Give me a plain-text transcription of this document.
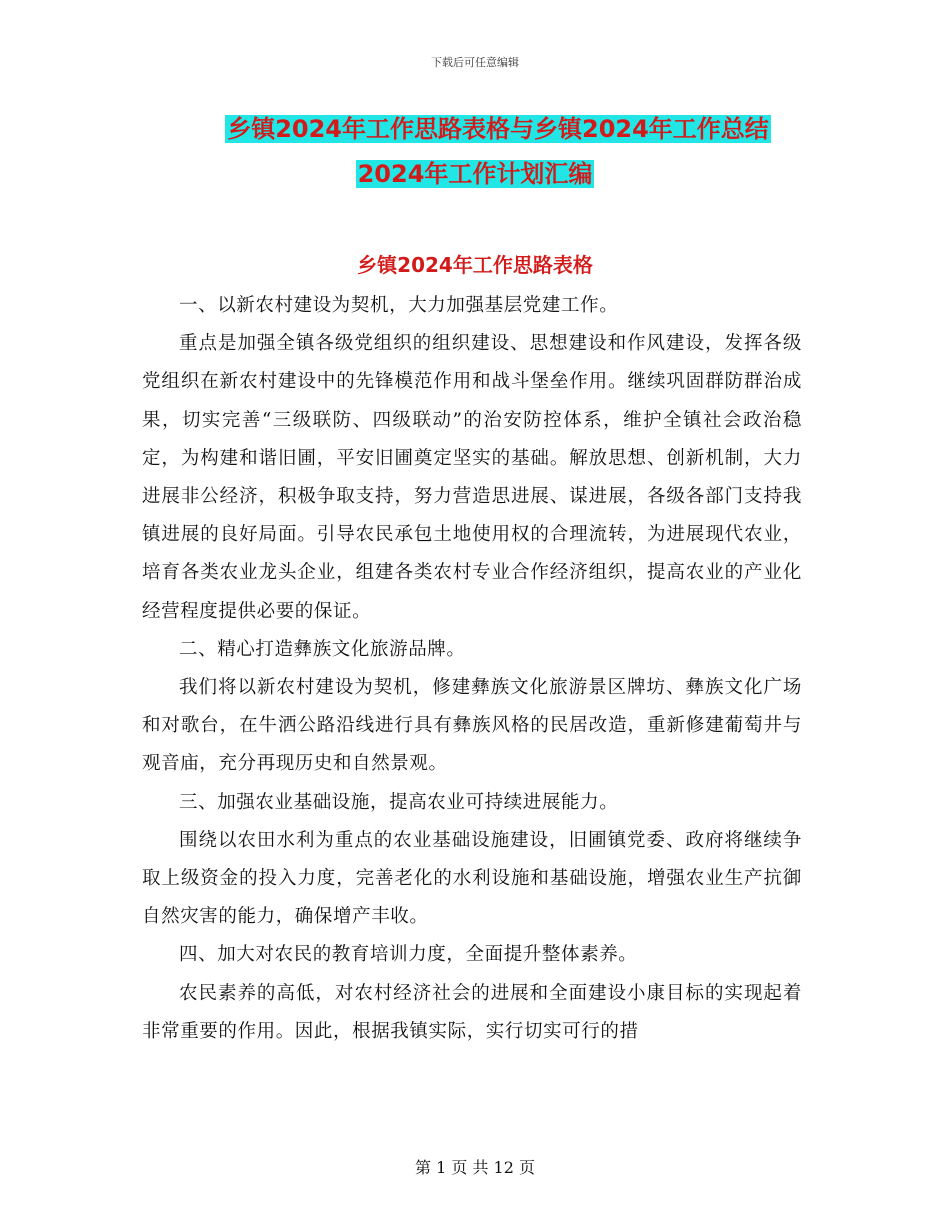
下载后可任意编辑
乡镇2024年工作思路表格与乡镇2024年工作总结
2024年工作计划汇编
乡镇2024年工作思路表格

一、以新农村建设为契机，大力加强基层党建工作。

重点是加强全镇各级党组织的组织建设、思想建设和作风建设，发挥各级党组织在新农村建设中的先锋模范作用和战斗堡垒作用。继续巩固群防群治成果，切实完善“三级联防、四级联动”的治安防控体系，维护全镇社会政治稳定，为构建和谐旧圃，平安旧圃奠定坚实的基础。解放思想、创新机制，大力进展非公经济，积极争取支持，努力营造思进展、谋进展，各级各部门支持我镇进展的良好局面。引导农民承包土地使用权的合理流转，为进展现代农业，培育各类农业龙头企业，组建各类农村专业合作经济组织，提高农业的产业化经营程度提供必要的保证。

二、精心打造彝族文化旅游品牌。

我们将以新农村建设为契机，修建彝族文化旅游景区牌坊、彝族文化广场和对歌台，在牛洒公路沿线进行具有彝族风格的民居改造，重新修建葡萄井与观音庙，充分再现历史和自然景观。

三、加强农业基础设施，提高农业可持续进展能力。

围绕以农田水利为重点的农业基础设施建设，旧圃镇党委、政府将继续争取上级资金的投入力度，完善老化的水利设施和基础设施，增强农业生产抗御自然灾害的能力，确保增产丰收。

四、加大对农民的教育培训力度，全面提升整体素养。

农民素养的高低，对农村经济社会的进展和全面建设小康目标的实现起着非常重要的作用。因此，根据我镇实际，实行切实可行的措

第 1 页 共 12 页
